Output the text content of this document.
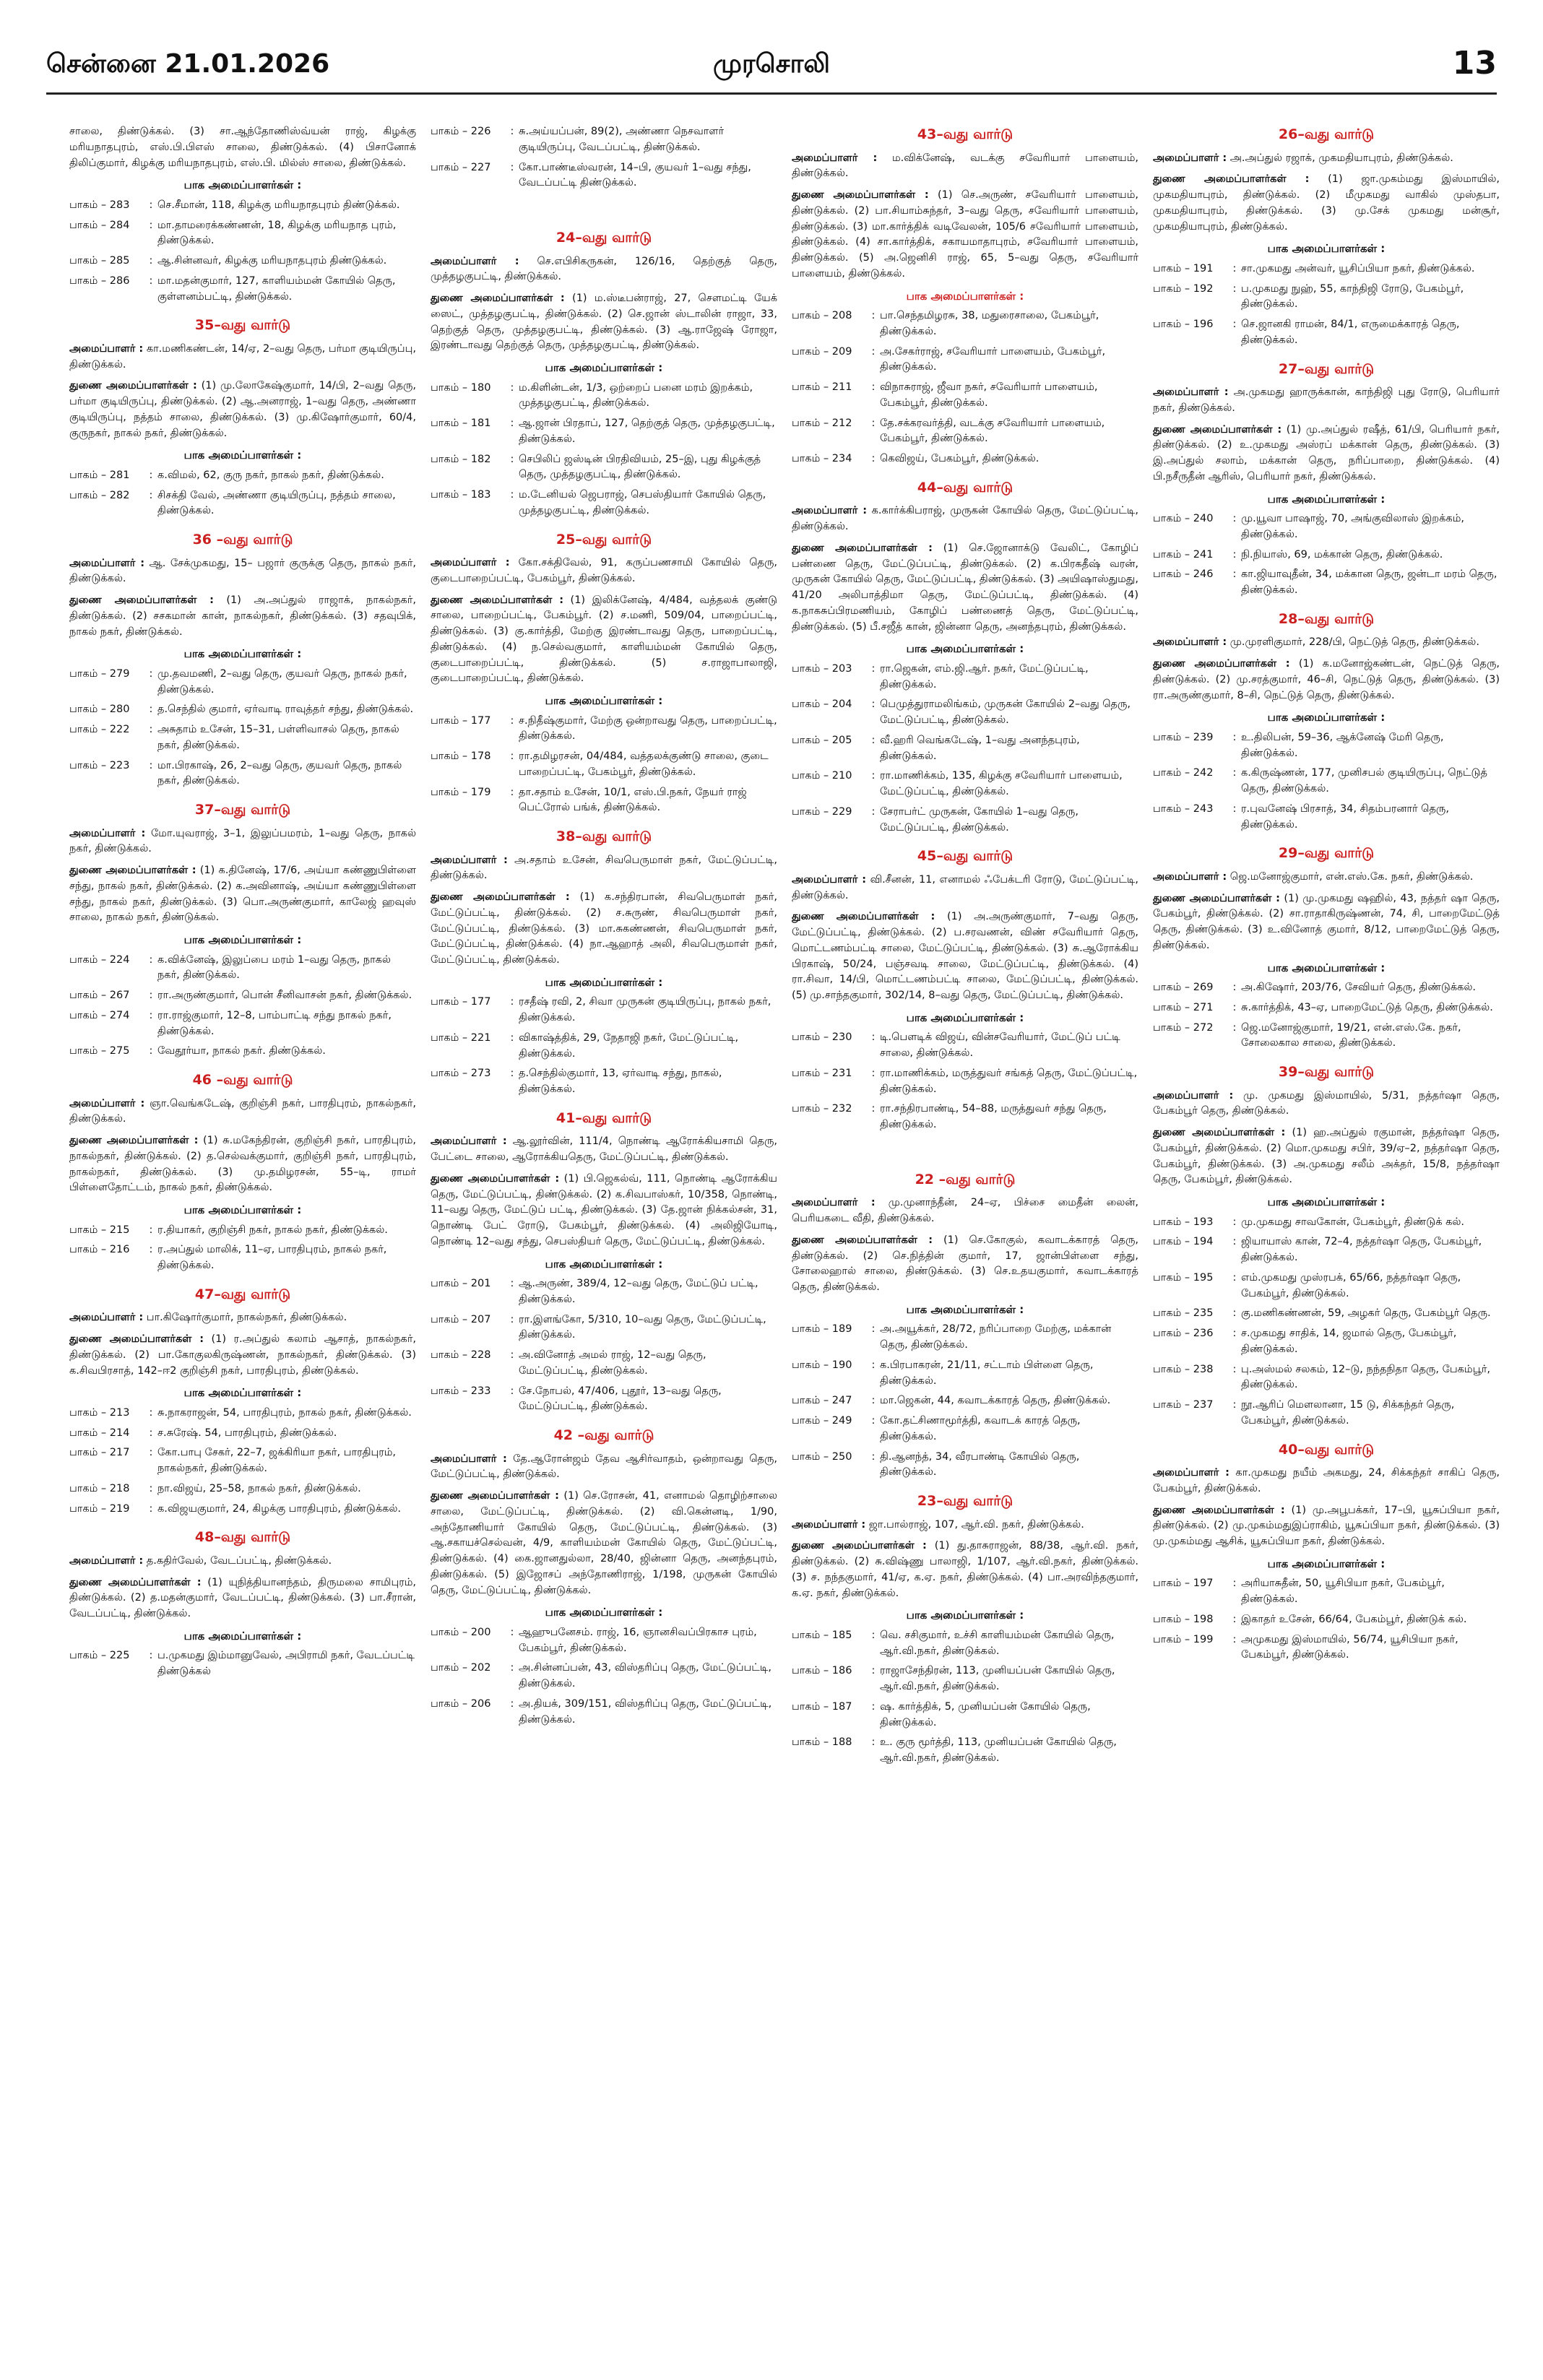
சென்னை 21.01.2026	முரசொலி	13

சாலை, திண்டுக்கல். (3) சா.ஆந்தோணிஸ்வ்யன் ராஜ், கிழக்கு மரியநாதபுரம், எஸ்.பி.பிஎஸ் சாலை, திண்டுக்கல். (4) பிசானோக் திலிப்குமார், கிழக்கு மரியநாதபுரம், எஸ்.பி. மில்ஸ் சாலை, திண்டுக்கல்.

பாக அமைப்பாளர்கள் :
பாகம் – 283	: செ.சீமான், 118, கிழக்கு மரியநாதபுரம் திண்டுக்கல்.
பாகம் – 284	: மா.தாமரைக்கண்ணன், 18, கிழக்கு மரியநாத புரம், திண்டுக்கல்.
பாகம் – 285	: ஆ.சின்னவர், கிழக்கு மரியநாதபுரம் திண்டுக்கல்.
பாகம் – 286	: மா.மதன்குமார், 127, காளியம்மன் கோயில் தெரு, குள்ளனம்பட்டி, திண்டுக்கல்.
35–வது வார்டு

அமைப்பாளர் : கா.மணிகண்டன், 14/ஏ, 2–வது தெரு, பர்மா குடியிருப்பு, திண்டுக்கல்.

துணை அமைப்பாளர்கள் : (1) மு.லோகேஷ்குமார், 14/பி, 2–வது தெரு, பர்மா குடியிருப்பு, திண்டுக்கல். (2) ஆ.அனராஜ், 1–வது தெரு, அண்ணா குடியிருப்பு, நத்தம் சாலை, திண்டுக்கல். (3) மு.கிஷோர்குமார், 60/4, குருநகர், நாகல் நகர், திண்டுக்கல்.

பாக அமைப்பாளர்கள் :
பாகம் – 281	: க.விமல், 62, குரு நகர், நாகல் நகர், திண்டுக்கல்.
பாகம் – 282	: சிசக்தி வேல், அண்ணா குடியிருப்பு, நத்தம் சாலை, திண்டுக்கல்.
36 –வது வார்டு

அமைப்பாளர் : ஆ. சேக்முகமது, 15– பஜார் குருக்கு தெரு, நாகல் நகர், திண்டுக்கல்.

துணை அமைப்பாளர்கள் : (1) அ.அப்துல் ராஜாக், நாகல்நகர், திண்டுக்கல். (2) சசகமான் கான், நாகல்நகர், திண்டுக்கல். (3) சதவுபிக், நாகல் நகர், திண்டுக்கல்.

பாக அமைப்பாளர்கள் :
பாகம் – 279	: மு.தவமணி, 2–வது தெரு, குயவர் தெரு, நாகல் நகர், திண்டுக்கல்.
பாகம் – 280	: த.செந்தில் குமார், ஏர்வாடி ராவுத்தர் சந்து, திண்டுக்கல்.
பாகம் – 222	: அசுதாம் உசேன், 15–31, பள்ளிவாசல் தெரு, நாகல் நகர், திண்டுக்கல்.
பாகம் – 223	: மா.பிரகாஷ், 26, 2–வது தெரு, குயவர் தெரு, நாகல் நகர், திண்டுக்கல்.
37–வது வார்டு

அமைப்பாளர் : மோ.யுவராஜ், 3–1, இலுப்பமரம், 1–வது தெரு, நாகல் நகர், திண்டுக்கல்.

துணை அமைப்பாளர்கள் : (1) க.தினேஷ், 17/6, அய்யா கண்ணுபிள்ளை சந்து, நாகல் நகர், திண்டுக்கல். (2) க.அவினாஷ், அய்யா கண்ணுபிள்ளை சந்து, நாகல் நகர், திண்டுக்கல். (3) பொ.அருண்குமார், காலேஜ் ஹவுஸ் சாலை, நாகல் நகர், திண்டுக்கல்.

பாக அமைப்பாளர்கள் :
பாகம் – 224	: க.விக்னேஷ், இலுப்பை மரம் 1–வது தெரு, நாகல் நகர், திண்டுக்கல்.
பாகம் – 267	: ரா.அருண்குமார், பொன் சீனிவாசன் நகர், திண்டுக்கல்.
பாகம் – 274	: ரா.ராஜ்குமார், 12–8, பாம்பாட்டி சந்து நாகல் நகர், திண்டுக்கல்.
பாகம் – 275	: வேதூர்யா, நாகல் நகர். திண்டுக்கல்.
46 –வது வார்டு

அமைப்பாளர் : ஞா.வெங்கடேஷ், குறிஞ்சி நகர், பாரதிபுரம், நாகல்நகர், திண்டுக்கல்.

துணை அமைப்பாளர்கள் : (1) சு.மகேந்திரன், குறிஞ்சி நகர், பாரதிபுரம், நாகல்நகர், திண்டுக்கல். (2) த.செல்வக்குமார், குறிஞ்சி நகர், பாரதிபுரம், நாகல்நகர், திண்டுக்கல். (3) மு.தமிழரசன், 55–டி, ராமர் பிள்ளைதோட்டம், நாகல் நகர், திண்டுக்கல்.

பாக அமைப்பாளர்கள் :
பாகம் – 215	: ர.தியாகர், குறிஞ்சி நகர், நாகல் நகர், திண்டுக்கல்.
பாகம் – 216	: ர.அப்துல் மாலிக், 11–ஏ, பாரதிபுரம், நாகல் நகர், திண்டுக்கல்.
47–வது வார்டு

அமைப்பாளர் : பா.கிஷோர்குமார், நாகல்நகர், திண்டுக்கல்.

துணை அமைப்பாளர்கள் : (1) ர.அப்துல் கலாம் ஆசாத், நாகல்நகர், திண்டுக்கல். (2) பா.கோகுலகிருஷ்ணன், நாகல்நகர், திண்டுக்கல். (3) க.சிவபிரசாத், 142–ஈ2 குறிஞ்சி நகர், பாரதிபுரம், திண்டுக்கல்.

பாக அமைப்பாளர்கள் :
பாகம் – 213	: சு.நாகராஜன், 54, பாரதிபுரம், நாகல் நகர், திண்டுக்கல்.
பாகம் – 214	: ச.சுரேஷ். 54, பாரதிபுரம், திண்டுக்கல்.
பாகம் – 217	: கோ.பாபு சேகர், 22–7, ஜக்கிரியா நகர், பாரதிபுரம், நாகல்நகர், திண்டுக்கல்.
பாகம் – 218	: நா.விஜய், 25–58, நாகல் நகர், திண்டுக்கல்.
பாகம் – 219	: க.விஜயகுமார், 24, கிழக்கு பாரதிபுரம், திண்டுக்கல்.
48–வது வார்டு

அமைப்பாளர் : த.கதிர்வேல், வேடப்பட்டி, திண்டுக்கல்.

துணை அமைப்பாளர்கள் : (1) யுநித்தியானந்தம், திருமலை சாமிபுரம், திண்டுக்கல். (2) த.மதன்குமார், வேடப்பட்டி, திண்டுக்கல். (3) பா.சீரான், வேடப்பட்டி, திண்டுக்கல்.

பாக அமைப்பாளர்கள் :
பாகம் – 225	: ப.முகமது இம்மானுவேல், அபிராமி நகர், வேடப்பட்டி திண்டுக்கல்
பாகம் – 226	: சு.அய்யப்பன், 89(2), அண்ணா நெசவாளர் குடியிருப்பு, வேடப்பட்டி, திண்டுக்கல்.
பாகம் – 227	: கோ.பாண்டீஸ்வரன், 14–பி, குயவர் 1–வது சந்து, வேடப்பட்டி திண்டுக்கல்.
24–வது வார்டு

அமைப்பாளர் : செ.எபிசிகருகன், 126/16, தெற்குத் தெரு, முத்தழகுபட்டி, திண்டுக்கல்.

துணை அமைப்பாளர்கள் : (1) ம.ஸ்டீபன்ராஜ், 27, சௌமட்டி யேக் ஸைட், முத்தழகுபட்டி, திண்டுக்கல். (2) செ.ஜான் ஸ்டாலின் ராஜா, 33, தெற்குத் தெரு, முத்தழகுபட்டி, திண்டுக்கல். (3) ஆ.ராஜேஷ் ரோஜா, இரண்டாவது தெற்குத் தெரு, முத்தழகுபட்டி, திண்டுக்கல்.

பாக அமைப்பாளர்கள் :
பாகம் – 180	: ம.கிளின்டன், 1/3, ஒற்றைப் பனை மரம் இறக்கம், முத்தழகுபட்டி, திண்டுக்கல்.
பாகம் – 181	: ஆ.ஜான் பிரதாப், 127, தெற்குத் தெரு, முத்தழகுபட்டி, திண்டுக்கல்.
பாகம் – 182	: செபிலிப் ஜஸ்டின் பிரதிவியம், 25–இ, புது கிழக்குத் தெரு, முத்தழகுபட்டி, திண்டுக்கல்.
பாகம் – 183	: ம.டேனியல் ஜெபராஜ், செபஸ்தியார் கோயில் தெரு, முத்தழகுபட்டி, திண்டுக்கல்.
25–வது வார்டு

அமைப்பாளர் : கோ.சக்திவேல், 91, கருப்பணசாமி கோயில் தெரு, குடைபாறைப்பட்டி, பேகம்பூர், திண்டுக்கல்.

துணை அமைப்பாளர்கள் : (1) இலிக்னேஷ், 4/484, வத்தலக் குண்டு சாலை, பாறைப்பட்டி, பேகம்பூர். (2) ச.மணி, 509/04, பாறைப்பட்டி, திண்டுக்கல். (3) கு.கார்த்தி, மேற்கு இரண்டாவது தெரு, பாறைப்பட்டி, திண்டுக்கல். (4) ந.செல்வகுமார், காளியம்மன் கோயில் தெரு, குடைபாறைப்பட்டி, திண்டுக்கல். (5) ச.ராஜாபாலாஜி, குடைபாறைப்பட்டி, திண்டுக்கல்.

பாக அமைப்பாளர்கள் :
பாகம் – 177	: ச.நிதீஷ்குமார், மேற்கு ஒன்றாவது தெரு, பாறைப்பட்டி, திண்டுக்கல்.
பாகம் – 178	: ரா.தமிழரசன், 04/484, வத்தலக்குண்டு சாலை, குடை பாறைப்பட்டி, பேகம்பூர், திண்டுக்கல்.
பாகம் – 179	: தா.சதாம் உசேன், 10/1, எஸ்.பி.நகர், நேயர் ராஜ் பெட்ரோல் பங்க், திண்டுக்கல்.
38–வது வார்டு

அமைப்பாளர் : அ.சதாம் உசேன், சிவபெருமாள் நகர், மேட்டுப்பட்டி, திண்டுக்கல்.

துணை அமைப்பாளர்கள் : (1) க.சந்திரபான், சிவபெருமாள் நகர், மேட்டுப்பட்டி, திண்டுக்கல். (2) ச.சுருண், சிவபெருமாள் நகர், மேட்டுப்பட்டி, திண்டுக்கல். (3) மா.சுகண்ணன், சிவபெருமாள் நகர், மேட்டுப்பட்டி, திண்டுக்கல். (4) நா.ஆஹாத் அலி, சிவபெருமாள் நகர், மேட்டுப்பட்டி, திண்டுக்கல்.

பாக அமைப்பாளர்கள் :
பாகம் – 177	: ரசதீஷ் ரவி, 2, சிவா முருகன் குடியிருப்பு, நாகல் நகர், திண்டுக்கல்.
பாகம் – 221	: விகாஷ்த்திக், 29, நேதாஜி நகர், மேட்டுப்பட்டி, திண்டுக்கல்.
பாகம் – 273	: த.செந்தில்குமார், 13, ஏர்வாடி சந்து, நாகல், திண்டுக்கல்.
41–வது வார்டு

அமைப்பாளர் : ஆ.லூர்வின், 111/4, நொண்டி ஆரோக்கியசாமி தெரு, பேட்டை சாலை, ஆரோக்கியதெரு, மேட்டுப்பட்டி, திண்டுக்கல்.

துணை அமைப்பாளர்கள் : (1) பி.ஜெகல்வ், 111, நொண்டி ஆரோக்கிய தெரு, மேட்டுப்பட்டி, திண்டுக்கல். (2) க.சிவபாஸ்கர், 10/358, நொண்டி, 11–வது தெரு, மேட்டுப் பட்டி, திண்டுக்கல். (3) தே.ஜான் நிக்கல்சன், 31, நொண்டி பேட் ரோடு, பேகம்பூர், திண்டுக்கல். (4) அலிஜியோடி, நொண்டி 12–வது சந்து, செபஸ்தியர் தெரு, மேட்டுப்பட்டி, திண்டுக்கல்.

பாக அமைப்பாளர்கள் :
பாகம் – 201	: ஆ.அருண், 389/4, 12–வது தெரு, மேட்டுப் பட்டி, திண்டுக்கல்.
பாகம் – 207	: ரா.இளங்கோ, 5/310, 10–வது தெரு, மேட்டுப்பட்டி, திண்டுக்கல்.
பாகம் – 228	: அ.வினோத் அமல் ராஜ், 12–வது தெரு, மேட்டுப்பட்டி, திண்டுக்கல்.
பாகம் – 233	: சே.நோபல், 47/406, புதூர், 13–வது தெரு, மேட்டுப்பட்டி, திண்டுக்கல்.
42 –வது வார்டு

அமைப்பாளர் : தே.ஆரோன்ஜம் தேவ ஆசிர்வாதம், ஒன்றாவது தெரு, மேட்டுப்பட்டி, திண்டுக்கல்.

துணை அமைப்பாளர்கள் : (1) செ.ரோசன், 41, எனாமல் தொழிற்சாலை சாலை, மேட்டுப்பட்டி, திண்டுக்கல். (2) வி.கென்னடி, 1/90, அந்தோணியார் கோயில் தெரு, மேட்டுப்பட்டி, திண்டுக்கல். (3) ஆ.சகாயச்செல்வன், 4/9, காளியம்மன் கோயில் தெரு, மேட்டுப்பட்டி, திண்டுக்கல். (4) கை.ஜானதுல்லா, 28/40, ஜின்னா தெரு, அனந்தபுரம், திண்டுக்கல். (5) இஜோசப் அந்தோணிராஜ், 1/198, முருகன் கோயில் தெரு, மேட்டுப்பட்டி, திண்டுக்கல்.

பாக அமைப்பாளர்கள் :
பாகம் – 200	: ஆஹுபனேசம். ராஜ், 16, ஞானசிவப்பிரகாச புரம், பேகம்பூர், திண்டுக்கல்.
பாகம் – 202	: அ.சின்னப்பன், 43, விஸ்தரிப்பு தெரு, மேட்டுப்பட்டி, திண்டுக்கல்.
பாகம் – 206	: அ.தியக், 309/151, விஸ்தரிப்பு தெரு, மேட்டுப்பட்டி, திண்டுக்கல்.
43–வது வார்டு

அமைப்பாளர் : ம.விக்னேஷ், வடக்கு சவேரியார் பாளையம், திண்டுக்கல்.

துணை அமைப்பாளர்கள் : (1) செ.அருண், சவேரியார் பாளையம், திண்டுக்கல். (2) பா.சியாம்சுந்தர், 3–வது தெரு, சவேரியார் பாளையம், திண்டுக்கல். (3) மா.கார்த்திக் வடிவேலன், 105/6 சவேரியார் பாளையம், திண்டுக்கல். (4) சா.கார்த்திக், சகாயமாதாபுரம், சவேரியார் பாளையம், திண்டுக்கல். (5) அ.ஜெனிசி ராஜ், 65, 5–வது தெரு, சவேரியார் பாளையம், திண்டுக்கல்.

பாக அமைப்பாளர்கள் :
பாகம் – 208	: பா.செந்தமிழரசு, 38, மதுரைசாலை, பேகம்பூர், திண்டுக்கல்.
பாகம் – 209	: அ.சேகர்ராஜ், சவேரியார் பாளையம், பேகம்பூர், திண்டுக்கல்.
பாகம் – 211	: விநாசுராஜ், ஜீவா நகர், சவேரியார் பாளையம், பேகம்பூர், திண்டுக்கல்.
பாகம் – 212	: தே.சக்கரவர்த்தி, வடக்கு சவேரியார் பாளையம், பேகம்பூர், திண்டுக்கல்.
பாகம் – 234	: கெவிஜய், பேகம்பூர், திண்டுக்கல்.
44–வது வார்டு

அமைப்பாளர் : க.கார்க்கிபராஜ், முருகன் கோயில் தெரு, மேட்டுப்பட்டி, திண்டுக்கல்.

துணை அமைப்பாளர்கள் : (1) செ.ஜோனாக்டு வேலிட், கோழிப் பண்ணை தெரு, மேட்டுப்பட்டி, திண்டுக்கல். (2) க.பிரகதீஷ் வரன், முருகன் கோயில் தெரு, மேட்டுப்பட்டி, திண்டுக்கல். (3) அயிஷாஸ்துமது, 41/20 அலிபாத்திமா தெரு, மேட்டுப்பட்டி, திண்டுக்கல். (4) க.நாகசுப்பிரமணியம், கோழிப் பண்ணைத் தெரு, மேட்டுப்பட்டி, திண்டுக்கல். (5) பீ.சஜீத் கான், ஜின்னா தெரு, அனந்தபுரம், திண்டுக்கல்.

பாக அமைப்பாளர்கள் :
பாகம் – 203	: ரா.ஜெகன், எம்.ஜி.ஆர். நகர், மேட்டுப்பட்டி, திண்டுக்கல்.
பாகம் – 204	: பெமுத்துராமலிங்கம், முருகன் கோயில் 2–வது தெரு, மேட்டுப்பட்டி, திண்டுக்கல்.
பாகம் – 205	: வீ.ஹரி வெங்கடேஷ், 1–வது அனந்தபுரம், திண்டுக்கல்.
பாகம் – 210	: ரா.மாணிக்கம், 135, கிழக்கு சவேரியார் பாளையம், மேட்டுப்பட்டி, திண்டுக்கல்.
பாகம் – 229	: சேராபர்ட் முருகன், கோயில் 1–வது தெரு, மேட்டுப்பட்டி, திண்டுக்கல்.
45–வது வார்டு

அமைப்பாளர் : வி.சீனன், 11, எனாமல் ஃபேக்டரி ரோடு, மேட்டுப்பட்டி, திண்டுக்கல்.

துணை அமைப்பாளர்கள் : (1) அ.அருண்குமார், 7–வது தெரு, மேட்டுப்பட்டி, திண்டுக்கல். (2) ப.சரவணன், விண் சவேரியார் தெரு, மொட்டணம்பட்டி சாலை, மேட்டுப்பட்டி, திண்டுக்கல். (3) சு.ஆரோக்கிய பிரகாஷ், 50/24, பஞ்சவடி சாலை, மேட்டுப்பட்டி, திண்டுக்கல். (4) ரா.சிவா, 14/பி, மொட்டணம்பட்டி சாலை, மேட்டுப்பட்டி, திண்டுக்கல். (5) மு.சாந்தகுமார், 302/14, 8–வது தெரு, மேட்டுப்பட்டி, திண்டுக்கல்.

பாக அமைப்பாளர்கள் :
பாகம் – 230	: டி.பௌடிக் விஜய், வின்சவேரியார், மேட்டுப் பட்டி சாலை, திண்டுக்கல்.
பாகம் – 231	: ரா.மாணிக்கம், மருத்துவர் சங்கத் தெரு, மேட்டுப்பட்டி, திண்டுக்கல்.
பாகம் – 232	: ரா.சந்திரபாண்டி, 54–88, மருத்துவர் சந்து தெரு, திண்டுக்கல்.
22 –வது வார்டு

அமைப்பாளர் : மு.முனாந்தீன், 24–ஏ, பிச்சை மைதீன் லைன், பெரியகடை வீதி, திண்டுக்கல்.

துணை அமைப்பாளர்கள் : (1) செ.கோகுல், கவாடக்காரத் தெரு, திண்டுக்கல். (2) செ.நித்தின் குமார், 17, ஜான்பிள்ளை சந்து, சோலைஹால் சாலை, திண்டுக்கல். (3) செ.உதயகுமார், கவாடக்காரத் தெரு, திண்டுக்கல்.

பாக அமைப்பாளர்கள் :
பாகம் – 189	: அ.அயூக்கர், 28/72, நரிப்பாறை மேற்கு, மக்கான் தெரு, திண்டுக்கல்.
பாகம் – 190	: க.பிரபாகரன், 21/11, சட்டாம் பிள்ளை தெரு, திண்டுக்கல்.
பாகம் – 247	: மா.ஜெகன், 44, கவாடக்காரத் தெரு, திண்டுக்கல்.
பாகம் – 249	: கோ.தட்சிணாமூர்த்தி, கவாடக் காரத் தெரு, திண்டுக்கல்.
பாகம் – 250	: தி.ஆனந்த், 34, வீரபாண்டி கோயில் தெரு, திண்டுக்கல்.
23–வது வார்டு

அமைப்பாளர் : ஜா.பால்ராஜ், 107, ஆர்.வி. நகர், திண்டுக்கல்.

துணை அமைப்பாளர்கள் : (1) து.தாசுராஜன், 88/38, ஆர்.வி. நகர், திண்டுக்கல். (2) சு.விஷ்ணு பாலாஜி, 1/107, ஆர்.வி.நகர், திண்டுக்கல். (3) ச. நந்தகுமார், 41/ஏ, க.ஏ. நகர், திண்டுக்கல். (4) பா.அரவிந்தகுமார், க.ஏ. நகர், திண்டுக்கல்.

பாக அமைப்பாளர்கள் :
பாகம் – 185	: வெ. சசிகுமார், உச்சி காளியம்மன் கோயில் தெரு, ஆர்.வி.நகர், திண்டுக்கல்.
பாகம் – 186	: ராஜாசேந்திரன், 113, முனியப்பன் கோயில் தெரு, ஆர்.வி.நகர், திண்டுக்கல்.
பாகம் – 187	: ஷ. கார்த்திக், 5, முனியப்பன் கோயில் தெரு, திண்டுக்கல்.
பாகம் – 188	: உ. குரு மூர்த்தி, 113, முனியப்பன் கோயில் தெரு, ஆர்.வி.நகர், திண்டுக்கல்.
26–வது வார்டு

அமைப்பாளர் : அ.அப்துல் ரஜாக், முகமதியாபுரம், திண்டுக்கல்.

துணை அமைப்பாளர்கள் : (1) ஜா.முகம்மது இஸ்மாயில், முகமதியாபுரம், திண்டுக்கல். (2) மீமுகமது வாகில் முஸ்தபா, முகமதியாபுரம், திண்டுக்கல். (3) மு.சேக் முகமது மன்சூர், முகமதியாபுரம், திண்டுக்கல்.

பாக அமைப்பாளர்கள் :
பாகம் – 191	: சா.முகமது அன்வர், யூசிப்பியா நகர், திண்டுக்கல்.
பாகம் – 192	: ப.முகமது நுஹ், 55, காந்திஜி ரோடு, பேகம்பூர், திண்டுக்கல்.
பாகம் – 196	: செ.ஜானகி ராமன், 84/1, எருமைக்காரத் தெரு, திண்டுக்கல்.
27–வது வார்டு

அமைப்பாளர் : அ.முகமது ஹாருக்கான், காந்திஜி புது ரோடு, பெரியார் நகர், திண்டுக்கல்.

துணை அமைப்பாளர்கள் : (1) மு.அப்துல் ரஷீத், 61/பி, பெரியார் நகர், திண்டுக்கல். (2) உ.முகமது அஸ்ரப் மக்கான் தெரு, திண்டுக்கல். (3) இ.அப்துல் சலாம், மக்கான் தெரு, நரிப்பாறை, திண்டுக்கல். (4) பி.நசீருதீன் ஆரிஸ், பெரியார் நகர், திண்டுக்கல்.

பாக அமைப்பாளர்கள் :
பாகம் – 240	: மு.யூவா பாஷாஜ், 70, அங்குவிலாஸ் இறக்கம், திண்டுக்கல்.
பாகம் – 241	: நி.நியாஸ், 69, மக்கான் தெரு, திண்டுக்கல்.
பாகம் – 246	: கா.ஜியாவுதீன், 34, மக்கான தெரு, ஜன்டா மரம் தெரு, திண்டுக்கல்.
28–வது வார்டு

அமைப்பாளர் : மு.முரளிகுமார், 228/பி, நெட்டுத் தெரு, திண்டுக்கல்.

துணை அமைப்பாளர்கள் : (1) க.மனோஜ்கண்டன், நெட்டுத் தெரு, திண்டுக்கல். (2) மு.சரத்குமார், 46–சி, நெட்டுத் தெரு, திண்டுக்கல். (3) ரா.அருண்குமார், 8–சி, நெட்டுத் தெரு, திண்டுக்கல்.

பாக அமைப்பாளர்கள் :
பாகம் – 239	: உ.திலிபன், 59–36, ஆக்னேஷ் மேரி தெரு, திண்டுக்கல்.
பாகம் – 242	: க.கிருஷ்ணன், 177, முனிசபல் குடியிருப்பு, நெட்டுத் தெரு, திண்டுக்கல்.
பாகம் – 243	: ர.புவனேஷ் பிரசாத், 34, சிதம்பரனார் தெரு, திண்டுக்கல்.
29–வது வார்டு

அமைப்பாளர் : ஜெ.மனோஜ்குமார், என்.எஸ்.கே. நகர், திண்டுக்கல்.

துணை அமைப்பாளர்கள் : (1) மு.முகமது ஷஹில், 43, நத்தர் ஷா தெரு, பேகம்பூர், திண்டுக்கல். (2) சா.ராதாகிருஷ்ணன், 74, சி, பாறைமேட்டுத் தெரு, திண்டுக்கல். (3) உ.வினோத் குமார், 8/12, பாறைமேட்டுத் தெரு, திண்டுக்கல்.

பாக அமைப்பாளர்கள் :
பாகம் – 269	: அ.கிஷோர், 203/76, சேவியர் தெரு, திண்டுக்கல்.
பாகம் – 271	: சு.கார்த்திக், 43–ஏ, பாறைமேட்டுத் தெரு, திண்டுக்கல்.
பாகம் – 272	: ஜெ.மனோஜ்குமார், 19/21, என்.எஸ்.கே. நகர், சோலைகால சாலை, திண்டுக்கல்.
39–வது வார்டு

அமைப்பாளர் : மு. முகமது இஸ்மாயில், 5/31, நத்தர்ஷா தெரு, பேகம்பூர் தெரு, திண்டுக்கல்.

துணை அமைப்பாளர்கள் : (1) ஹ.அப்துல் ரகுமான், நத்தர்ஷா தெரு, பேகம்பூர், திண்டுக்கல். (2) மொ.முகமது சபிர், 39/ஏ–2, நத்தர்ஷா தெரு, பேகம்பூர், திண்டுக்கல். (3) அ.முகமது சலீம் அக்தர், 15/8, நத்தர்ஷா தெரு, பேகம்பூர், திண்டுக்கல்.

பாக அமைப்பாளர்கள் :
பாகம் – 193	: மு.முகமது சாவகோன், பேகம்பூர், திண்டுக் கல்.
பாகம் – 194	: ஜியாயாஸ் கான், 72–4, நத்தர்ஷா தெரு, பேகம்பூர், திண்டுக்கல்.
பாகம் – 195	: எம்.முகமது முஸ்ரபக், 65/66, நத்தர்ஷா தெரு, பேகம்பூர், திண்டுக்கல்.
பாகம் – 235	: கு.மணிகண்ணன், 59, அழகர் தெரு, பேகம்பூர் தெரு.
பாகம் – 236	: ச.முகமது சாதிக், 14, ஜமால் தெரு, பேகம்பூர், திண்டுக்கல்.
பாகம் – 238	: பு.அஸ்மல் சலகம், 12–டு, நந்தநிதா தெரு, பேகம்பூர், திண்டுக்கல்.
பாகம் – 237	: நூ.ஆரிப் மௌலானா, 15 டு, சிக்கந்தர் தெரு, பேகம்பூர், திண்டுக்கல்.
40–வது வார்டு

அமைப்பாளர் : கா.முகமது நயீம் அகமது, 24, சிக்கந்தர் சாகிப் தெரு, பேகம்பூர், திண்டுக்கல்.

துணை அமைப்பாளர்கள் : (1) மு.அபூபக்கர், 17–பி, யூசுப்பியா நகர், திண்டுக்கல். (2) மு.முகம்மதுஇப்ராகிம், யூசுப்பியா நகர், திண்டுக்கல். (3) மு.முகம்மது ஆசிக், யூசுப்பியா நகர், திண்டுக்கல்.

பாக அமைப்பாளர்கள் :
பாகம் – 197	: அரியாசுதீன், 50, யூசிபியா நகர், பேகம்பூர், திண்டுக்கல்.
பாகம் – 198	: இகாதர் உசேன், 66/64, பேகம்பூர், திண்டுக் கல்.
பாகம் – 199	: அமுகமது இஸ்மாயில், 56/74, யூசிபியா நகர், பேகம்பூர், திண்டுக்கல்.
